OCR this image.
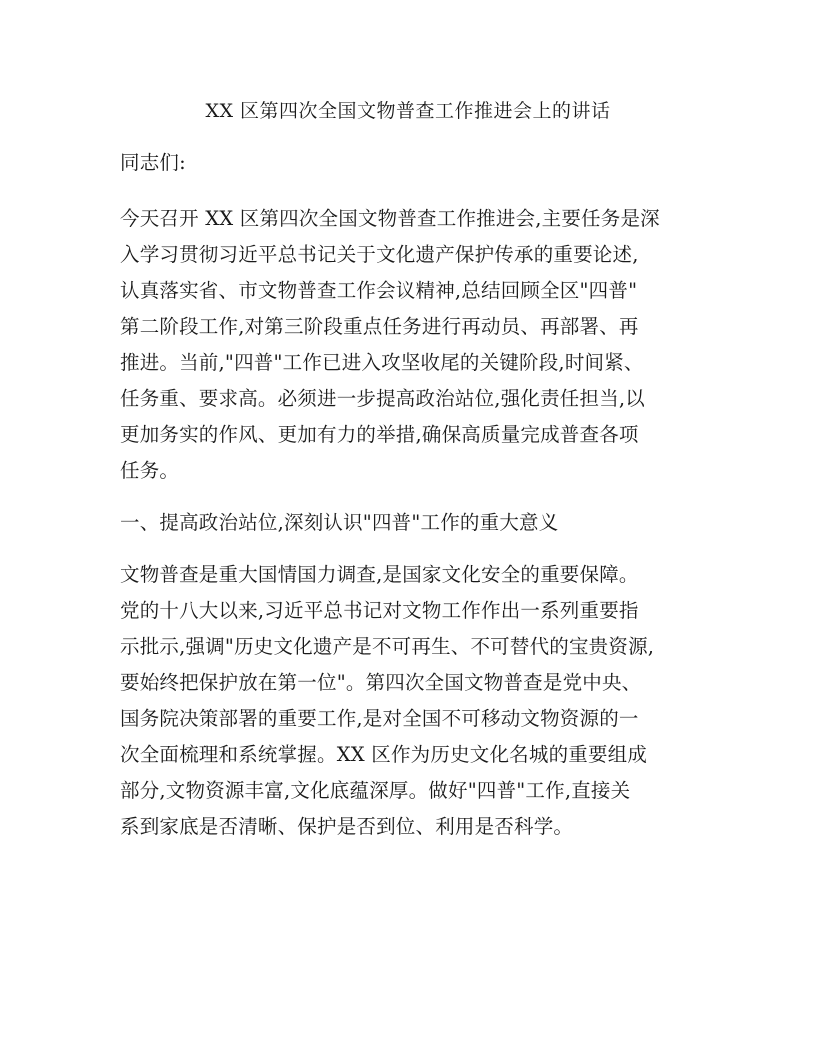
XX 区第四次全国文物普查工作推进会上的讲话
同志们:
今天召开 XX 区第四次全国文物普查工作推进会,主要任务是深
入学习贯彻习近平总书记关于文化遗产保护传承的重要论述,
认真落实省、市文物普查工作会议精神,总结回顾全区"四普"
第二阶段工作,对第三阶段重点任务进行再动员、再部署、再
推进。当前,"四普"工作已进入攻坚收尾的关键阶段,时间紧、
任务重、要求高。必须进一步提高政治站位,强化责任担当,以
更加务实的作风、更加有力的举措,确保高质量完成普查各项
任务。
一、提高政治站位,深刻认识"四普"工作的重大意义
文物普查是重大国情国力调查,是国家文化安全的重要保障。
党的十八大以来,习近平总书记对文物工作作出一系列重要指
示批示,强调"历史文化遗产是不可再生、不可替代的宝贵资源,
要始终把保护放在第一位"。第四次全国文物普查是党中央、
国务院决策部署的重要工作,是对全国不可移动文物资源的一
次全面梳理和系统掌握。XX 区作为历史文化名城的重要组成
部分,文物资源丰富,文化底蕴深厚。做好"四普"工作,直接关
系到家底是否清晰、保护是否到位、利用是否科学。
